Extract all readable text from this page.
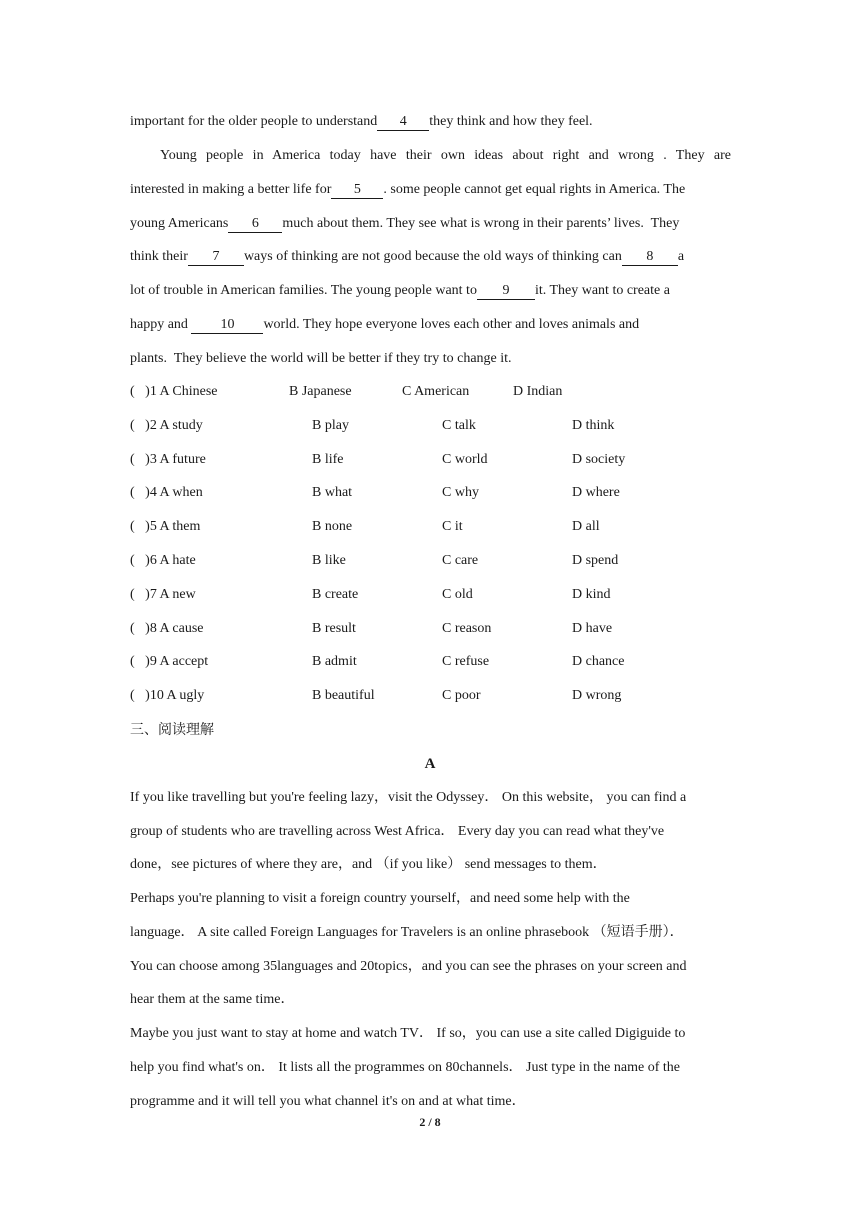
important for the older people to understand 4 they think and how they feel.
Young people in America today have their own ideas about right and wrong . They are
interested in making a better life for 5 . some people cannot get equal rights in America. The
young Americans 6 much about them. They see what is wrong in their parents’ lives.  They
think their 7 ways of thinking are not good because the old ways of thinking can 8 a
lot of trouble in American families. The young people want to 9 it. They want to create a
happy and 10 world. They hope everyone loves each other and loves animals and
plants.  They believe the world will be better if they try to change it.
(   )1 A Chinese	B Japanese	C American	D Indian
(   )2 A study	B play	C talk	D think
(   )3 A future	B life	C world	D society
(   )4 A when	B what	C why	D where
(   )5 A them	B none	C it	D all
(   )6 A hate	B like	C care	D spend
(   )7 A new	B create	C old	D kind
(   )8 A cause	B result	C reason	D have
(   )9 A accept	B admit	C refuse	D chance
(   )10 A ugly	B beautiful	C poor	D wrong
三、阅读理解
A
If you like travelling but you're feeling lazy，visit the Odyssey． On this website， you can find a
group of students who are travelling across West Africa． Every day you can read what they've
done，see pictures of where they are，and （if you like） send messages to them．
Perhaps you're planning to visit a foreign country yourself，and need some help with the
language． A site called Foreign Languages for Travelers is an online phrasebook （短语手册）．
You can choose among 35languages and 20topics，and you can see the phrases on your screen and
hear them at the same time．
Maybe you just want to stay at home and watch TV． If so，you can use a site called Digiguide to
help you find what's on． It lists all the programmes on 80channels． Just type in the name of the
programme and it will tell you what channel it's on and at what time．
2 / 8
